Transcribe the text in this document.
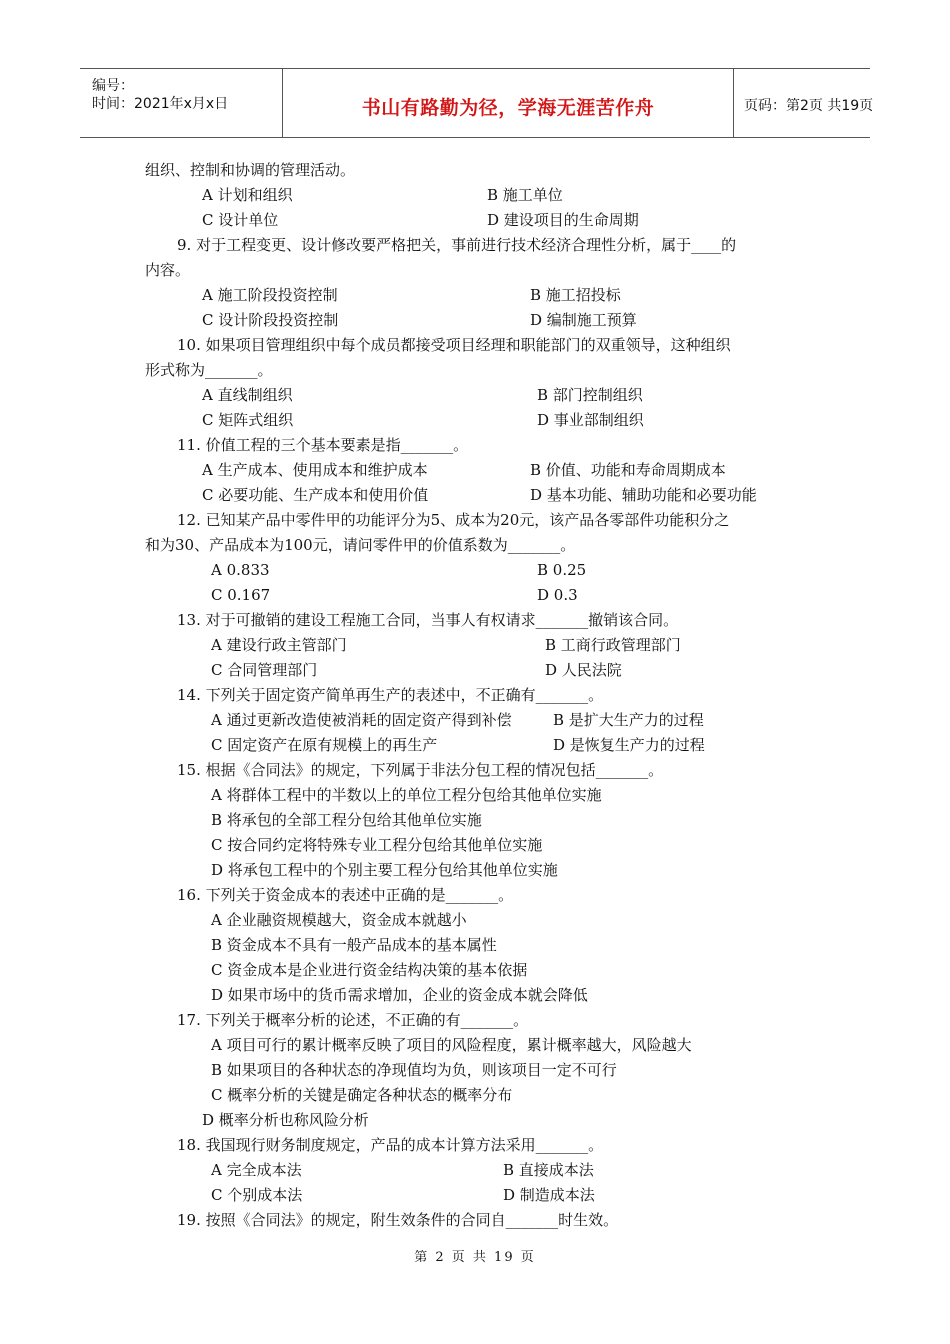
编号：
时间：2021年x月x日	书山有路勤为径，学海无涯苦作舟	页码：第2页 共19页
组织、控制和协调的管理活动。
A 计划和组织	B 施工单位
C 设计单位	D 建设项目的生命周期
9. 对于工程变更、设计修改要严格把关，事前进行技术经济合理性分析，属于____的
内容。
A 施工阶段投资控制	B 施工招投标
C 设计阶段投资控制	D 编制施工预算
10. 如果项目管理组织中每个成员都接受项目经理和职能部门的双重领导，这种组织
形式称为_______。
A 直线制组织	B 部门控制组织
C 矩阵式组织	D 事业部制组织
11. 价值工程的三个基本要素是指_______。
A 生产成本、使用成本和维护成本	B 价值、功能和寿命周期成本
C 必要功能、生产成本和使用价值	D 基本功能、辅助功能和必要功能
12. 已知某产品中零件甲的功能评分为5、成本为20元，该产品各零部件功能积分之
和为30、产品成本为100元，请问零件甲的价值系数为_______。
A 0.833	B 0.25
C 0.167	D 0.3
13. 对于可撤销的建设工程施工合同，当事人有权请求_______撤销该合同。
A 建设行政主管部门	B 工商行政管理部门
C 合同管理部门	D 人民法院
14. 下列关于固定资产简单再生产的表述中，不正确有_______。
A 通过更新改造使被消耗的固定资产得到补偿	B 是扩大生产力的过程
C 固定资产在原有规模上的再生产	D 是恢复生产力的过程
15. 根据《合同法》的规定，下列属于非法分包工程的情况包括_______。
A 将群体工程中的半数以上的单位工程分包给其他单位实施
B 将承包的全部工程分包给其他单位实施
C 按合同约定将特殊专业工程分包给其他单位实施
D 将承包工程中的个别主要工程分包给其他单位实施
16. 下列关于资金成本的表述中正确的是_______。
A 企业融资规模越大，资金成本就越小
B 资金成本不具有一般产品成本的基本属性
C 资金成本是企业进行资金结构决策的基本依据
D 如果市场中的货币需求增加，企业的资金成本就会降低
17. 下列关于概率分析的论述，不正确的有_______。
A 项目可行的累计概率反映了项目的风险程度，累计概率越大，风险越大
B 如果项目的各种状态的净现值均为负，则该项目一定不可行
C 概率分析的关键是确定各种状态的概率分布
D 概率分析也称风险分析
18. 我国现行财务制度规定，产品的成本计算方法采用_______。
A 完全成本法	B 直接成本法
C 个别成本法	D 制造成本法
19. 按照《合同法》的规定，附生效条件的合同自_______时生效。
第 2 页 共 19 页
